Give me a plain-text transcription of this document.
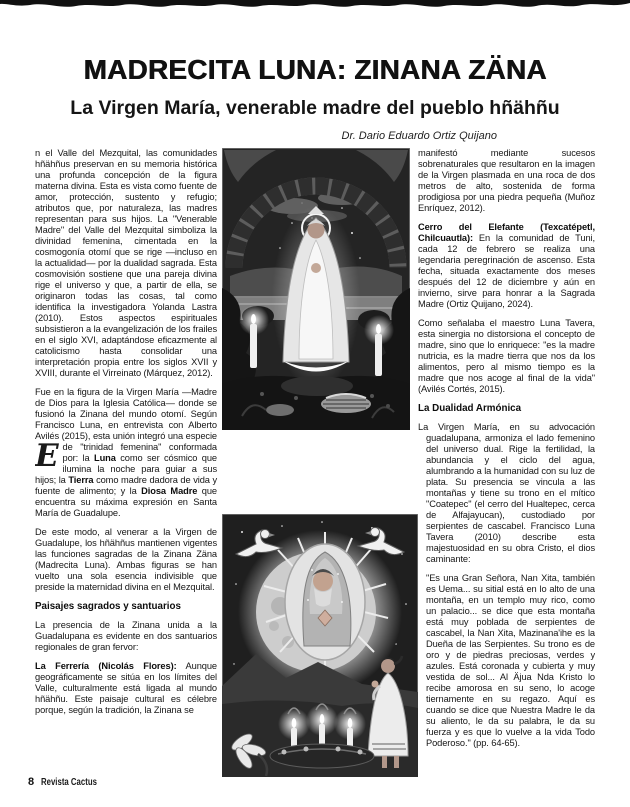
MADRECITA LUNA: ZINANA ZÄNA
La Virgen María, venerable madre del pueblo hñähñu
Dr. Dario Eduardo Ortiz Quijano

E
n el Valle del Mezquital, las comunidades hñähñus preservan en su memoria histórica una profunda concepción de la figura materna divina. Esta es vista como fuente de amor, protección, sustento y refugio; atributos que, por naturaleza, las madres representan para sus hijos. La "Venerable Madre" del Valle del Mezquital simboliza la divinidad femenina, cimentada en la cosmogonía otomí que se rige —incluso en la actualidad— por la dualidad sagrada. Esta cosmovisión sostiene que una pareja divina rige el universo y que, a partir de ella, se originaron todas las cosas, tal como identifica la investigadora Yolanda Lastra (2010). Estos aspectos espirituales subsistieron a la evangelización de los frailes en el siglo XVI, adaptándose eficazmente al catolicismo hasta consolidar una interpretación propia entre los siglos XVII y XVIII, durante el Virreinato (Márquez, 2012).

Fue en la figura de la Virgen María —Madre de Dios para la Iglesia Católica— donde se fusionó la Zinana del mundo otomí. Según Francisco Luna, en entrevista con Alberto Avilés (2015), esta unión integró una especie de "trinidad femenina" conformada por: la Luna como ser cósmico que ilumina la noche para guiar a sus hijos; la Tierra como madre dadora de vida y fuente de alimento; y la Diosa Madre que encuentra su máxima expresión en Santa María de Guadalupe.

De este modo, al venerar a la Virgen de Guadalupe, los hñähñus mantienen vigentes las funciones sagradas de la Zinana Zäna (Madrecita Luna). Ambas figuras se han vuelto una sola esencia indivisible que preside la maternidad divina en el Mezquital.

Paisajes sagrados y santuarios

La presencia de la Zinana unida a la Guadalupana es evidente en dos santuarios regionales de gran fervor:

La Ferrería (Nicolás Flores): Aunque geográficamente se sitúa en los límites del Valle, culturalmente está ligada al mundo hñähñu. Este paisaje cultural es célebre porque, según la tradición, la Zinana se

manifestó mediante sucesos sobrenaturales que resultaron en la imagen de la Virgen plasmada en una roca de dos metros de alto, sostenida de forma prodigiosa por una piedra pequeña (Muñoz Enríquez, 2012).

Cerro del Elefante (Texcatépetl, Chilcuautla): En la comunidad de Tuni, cada 12 de febrero se realiza una legendaria peregrinación de ascenso. Esta fecha, situada exactamente dos meses después del 12 de diciembre y aún en invierno, sirve para honrar a la Sagrada Madre (Ortiz Quijano, 2024).

Como señalaba el maestro Luna Tavera, esta sinergia no distorsiona el concepto de madre, sino que lo enriquece: "es la madre nutricia, es la madre tierra que nos da los alimentos, pero al mismo tiempo es la madre que nos acoge al final de la vida" (Avilés Cortés, 2015).

La Dualidad Armónica

La Virgen María, en su advocación guadalupana, armoniza el lado femenino del universo dual. Rige la fertilidad, la abundancia y el ciclo del agua, alumbrando a la humanidad con su luz de plata. Su presencia se vincula a las montañas y tiene su trono en el mítico "Coatepec" (el cerro del Hualtepec, cerca de Alfajayucan), custodiado por serpientes de cascabel. Francisco Luna Tavera (2010) describe esta majestuosidad en su obra Cristo, el dios caminante:

"Es una Gran Señora, Nan Xita, también es Uema... su sitial está en lo alto de una montaña, en un templo muy rico, como un palacio... se dice que esta montaña está muy poblada de serpientes de cascabel, la Nan Xita, Mazinana'ihe es la Dueña de las Serpientes. Su trono es de oro y de piedras preciosas, verdes y azules. Está coronada y cubierta y muy vestida de sol... Al Äjua Nda Kristo lo recibe amorosa en su seno, lo acoge tiernamente en su regazo. Aquí es cuando se dice que Nuestra Madre le da su aliento, le da su palabra, le da su fuerza y es que lo vuelve a la vida Todo Poderoso." (pp. 64-65).

8 Revista Cactus
